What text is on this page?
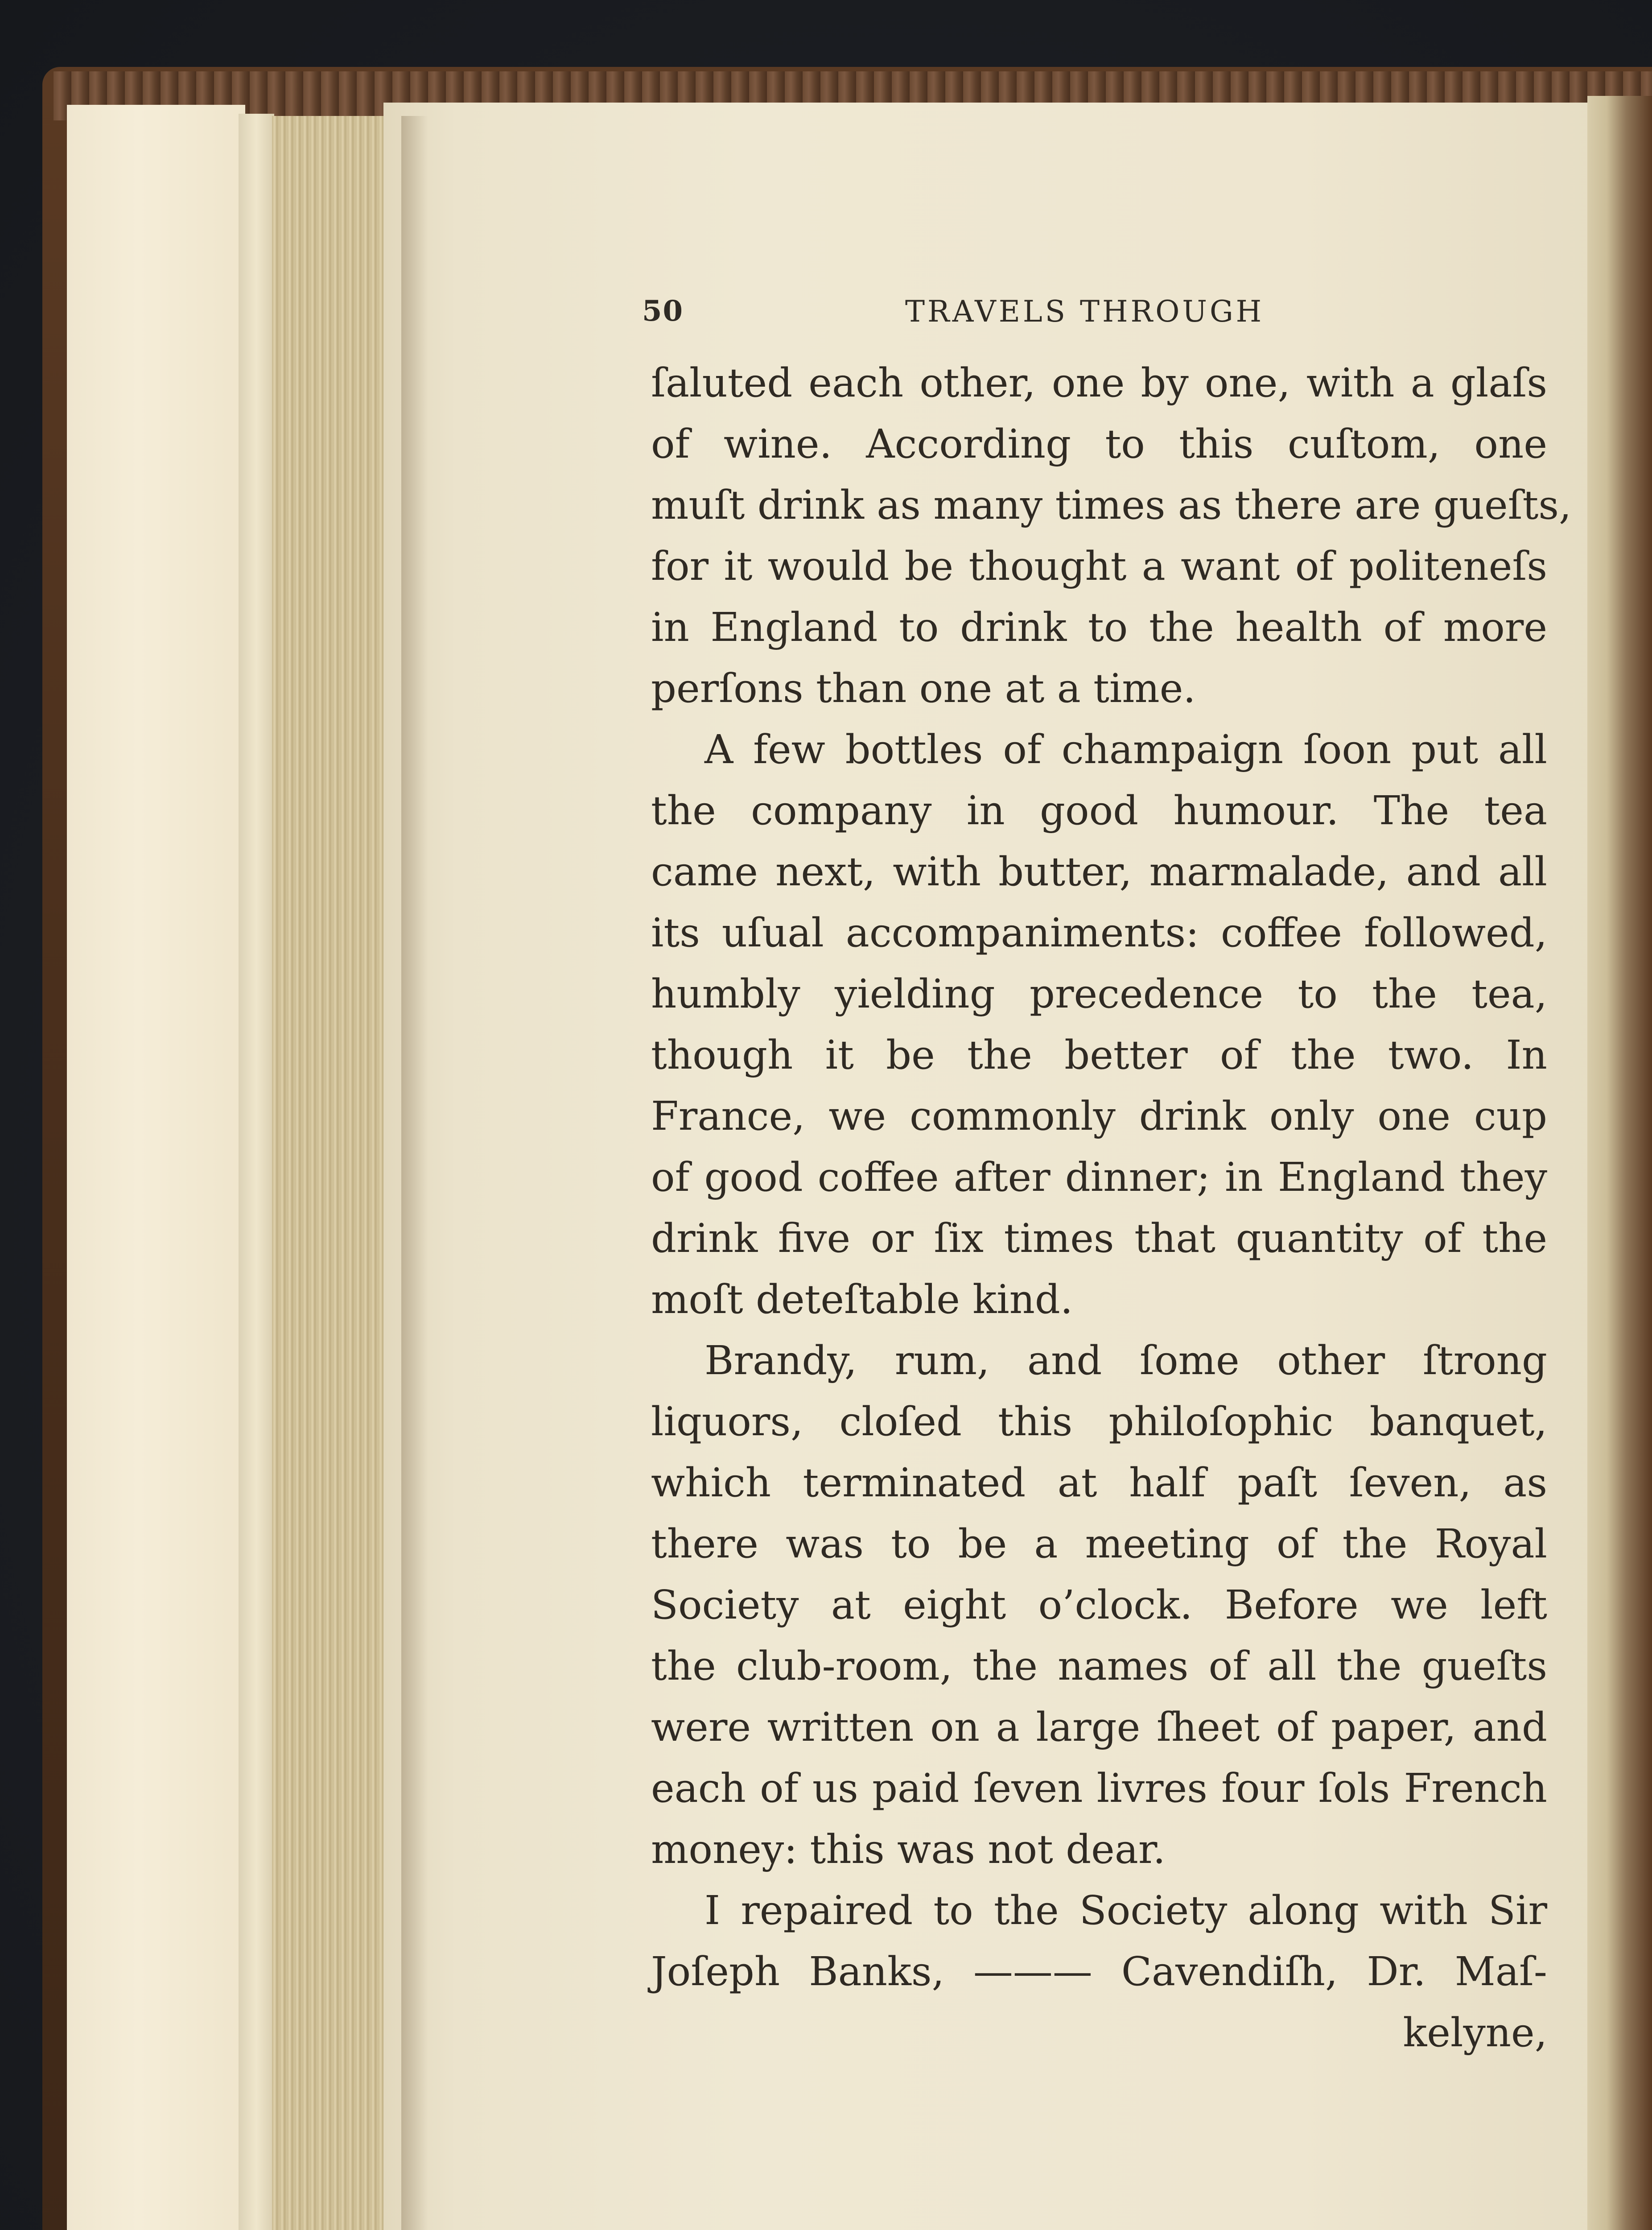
50	TRAVELS THROUGH
ſaluted each other, one by one, with a glaſs
of wine. According to this cuſtom, one
muſt drink as many times as there are gueſts,
for it would be thought a want of politeneſs
in England to drink to the health of more
perſons than one at a time.
A few bottles of champaign ſoon put all
the company in good humour. The tea
came next, with butter, marmalade, and all
its uſual accompaniments: coffee followed,
humbly yielding precedence to the tea,
though it be the better of the two. In
France, we commonly drink only one cup
of good coffee after dinner; in England they
drink five or ſix times that quantity of the
moſt deteſtable kind.
Brandy, rum, and ſome other ſtrong
liquors, cloſed this philoſophic banquet,
which terminated at half paſt ſeven, as
there was to be a meeting of the Royal
Society at eight o’clock. Before we left
the club-room, the names of all the gueſts
were written on a large ſheet of paper, and
each of us paid ſeven livres four ſols French
money: this was not dear.
I repaired to the Society along with Sir
Joſeph Banks, ——— Cavendiſh, Dr. Maſ-
kelyne,
